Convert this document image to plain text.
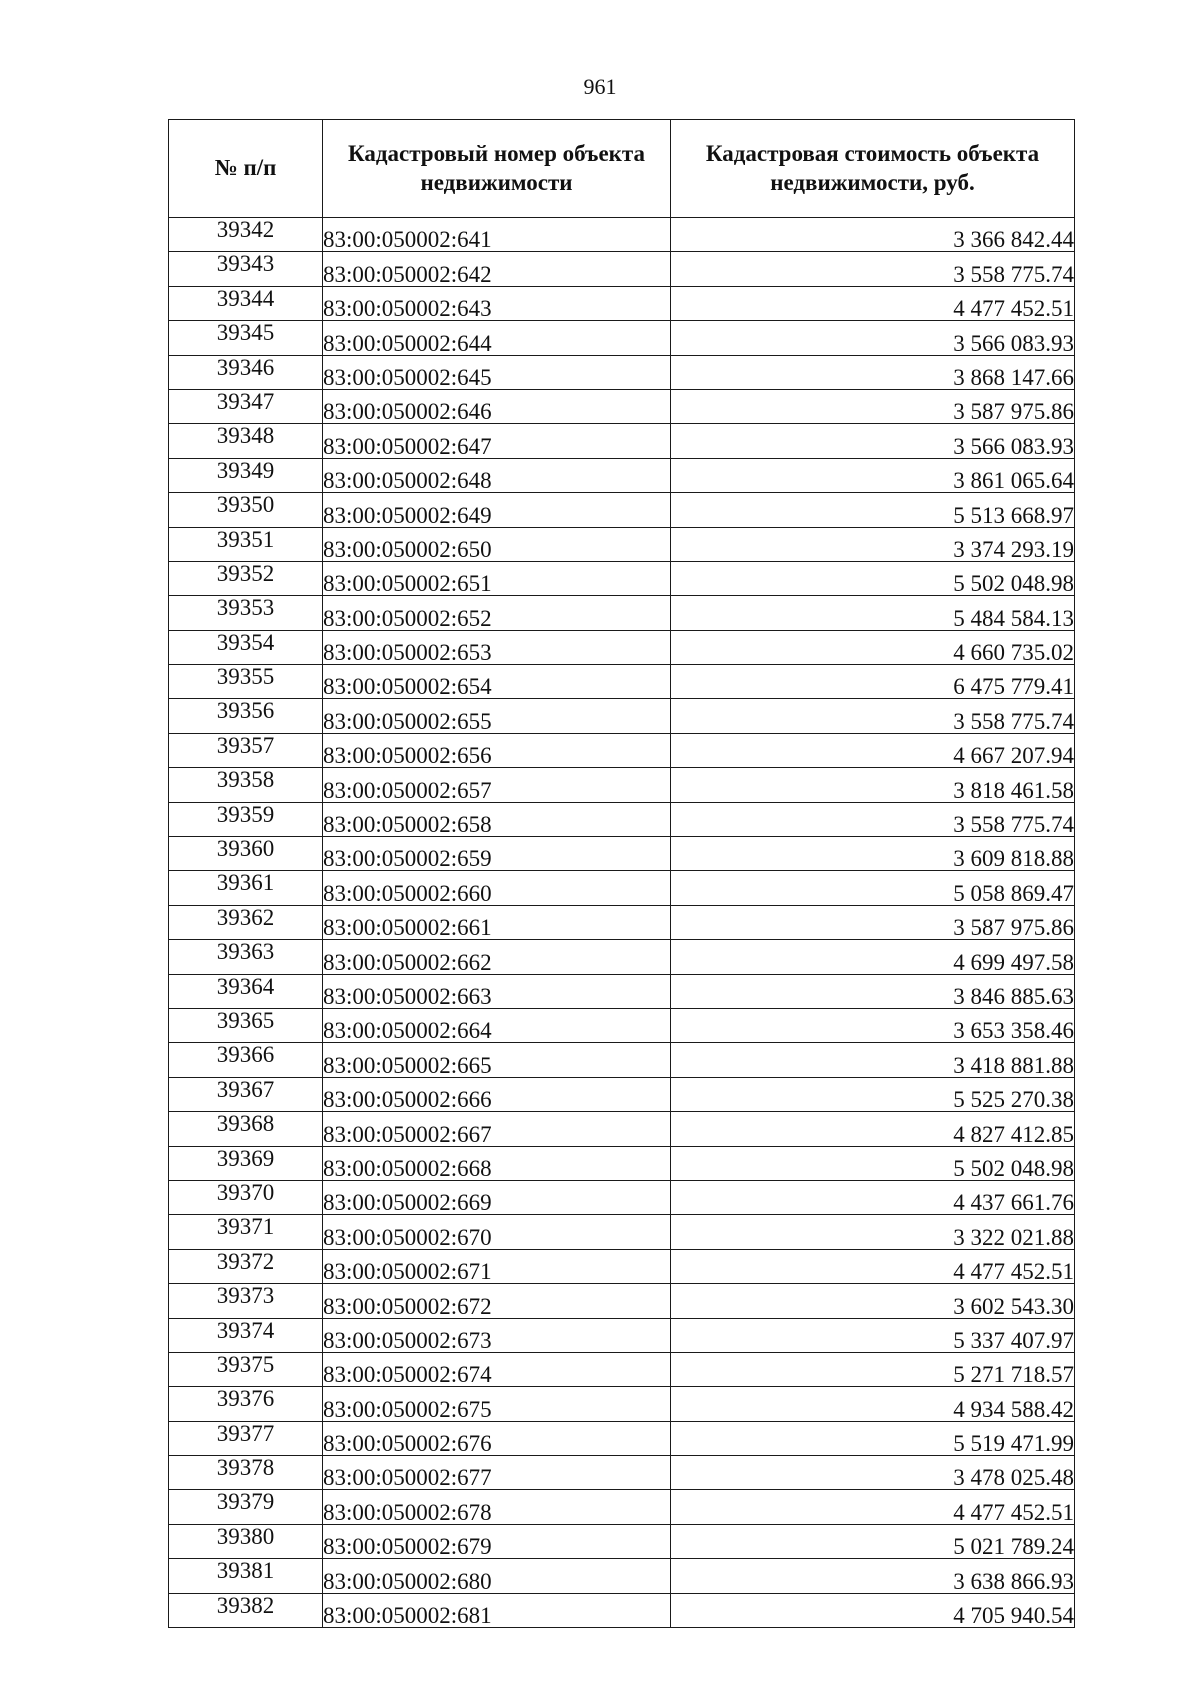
961
№ п/п	Кадастровый номер объекта недвижимости	Кадастровая стоимость объекта недвижимости, руб.
39342	83:00:050002:641	3 366 842.44
39343	83:00:050002:642	3 558 775.74
39344	83:00:050002:643	4 477 452.51
39345	83:00:050002:644	3 566 083.93
39346	83:00:050002:645	3 868 147.66
39347	83:00:050002:646	3 587 975.86
39348	83:00:050002:647	3 566 083.93
39349	83:00:050002:648	3 861 065.64
39350	83:00:050002:649	5 513 668.97
39351	83:00:050002:650	3 374 293.19
39352	83:00:050002:651	5 502 048.98
39353	83:00:050002:652	5 484 584.13
39354	83:00:050002:653	4 660 735.02
39355	83:00:050002:654	6 475 779.41
39356	83:00:050002:655	3 558 775.74
39357	83:00:050002:656	4 667 207.94
39358	83:00:050002:657	3 818 461.58
39359	83:00:050002:658	3 558 775.74
39360	83:00:050002:659	3 609 818.88
39361	83:00:050002:660	5 058 869.47
39362	83:00:050002:661	3 587 975.86
39363	83:00:050002:662	4 699 497.58
39364	83:00:050002:663	3 846 885.63
39365	83:00:050002:664	3 653 358.46
39366	83:00:050002:665	3 418 881.88
39367	83:00:050002:666	5 525 270.38
39368	83:00:050002:667	4 827 412.85
39369	83:00:050002:668	5 502 048.98
39370	83:00:050002:669	4 437 661.76
39371	83:00:050002:670	3 322 021.88
39372	83:00:050002:671	4 477 452.51
39373	83:00:050002:672	3 602 543.30
39374	83:00:050002:673	5 337 407.97
39375	83:00:050002:674	5 271 718.57
39376	83:00:050002:675	4 934 588.42
39377	83:00:050002:676	5 519 471.99
39378	83:00:050002:677	3 478 025.48
39379	83:00:050002:678	4 477 452.51
39380	83:00:050002:679	5 021 789.24
39381	83:00:050002:680	3 638 866.93
39382	83:00:050002:681	4 705 940.54
